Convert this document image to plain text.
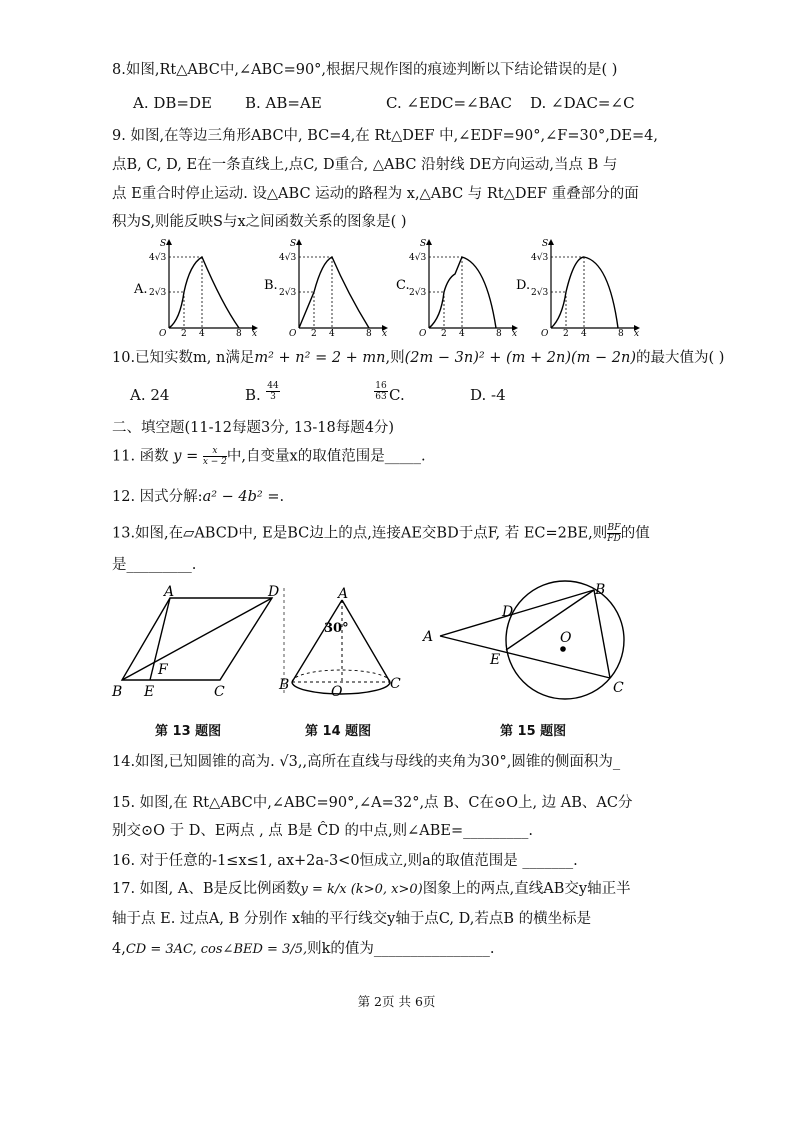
8.如图,Rt△ABC中,∠ABC=90°,根据尺规作图的痕迹判断以下结论错误的是( )
A. DB=DE B. AB=AE	C. ∠EDC=∠BAC D. ∠DAC=∠C
9. 如图,在等边三角形ABC中, BC=4,在 Rt△DEF 中,∠EDF=90°,∠F=30°,DE=4,
点B, C, D, E在一条直线上,点C, D重合, △ABC 沿射线 DE方向运动,当点 B 与
点 E重合时停止运动. 设△ABC 运动的路程为 x,△ABC 与 Rt△DEF 重叠部分的面
积为S,则能反映S与x之间函数关系的图象是( )
A.
S
x
4√3
2√3
O 2 4	8
B.
S
x
4√3
2√3
O 2 4	8
C.
S
x
4√3
2√3
O 2 4	8
D.
S
x
4√3
2√3
O 2 4	8
10.已知实数m, n满足m² + n² = 2 + mn,则(2m − 3n)² + (m + 2n)(m − 2n)的最大值为( )
A. 24	B. $\frac{44}{3}$	$\frac{16}{63} C$.	D. -4
二、填空题(11-12每题3分, 13-18每题4分)
11. 函数 $y = \frac{x}{x - 2}$ 中,自变量x的取值范围是_____.
12. 因式分解:a² − 4b² =.
13.如图,在▱ABCD中, E是BC边上的点,连接AE交BD于点F, 若 EC=2BE,则 $\frac{BF}{FD}$ 的值
是_________.
A	D
F
B E	C
A
30°
B	O	C
B
D
O
A
E
C
第 13 题图	第 14 题图	第 15 题图
14.如图,已知圆锥的高为. √3,,高所在直线与母线的夹角为30°,圆锥的侧面积为_
15. 如图,在 Rt△ABC中,∠ABC=90°,∠A=32°,点 B、C在⊙O上, 边 AB、AC分
别交⊙O 于 D、E两点 , 点 B是 ĈD 的中点,则∠ABE=_________.
16. 对于任意的-1≤x≤1, ax+2a-3<0恒成立,则a的取值范围是 _______.
17. 如图, A、B是反比例函数y = k/x (k>0, x>0)图象上的两点,直线AB交y轴正半
轴于点 E. 过点A, B 分别作 x轴的平行线交y轴于点C, D,若点B 的横坐标是
4,CD = 3AC, cos∠BED = 3/5,则k的值为________________.
第 2页 共 6页
